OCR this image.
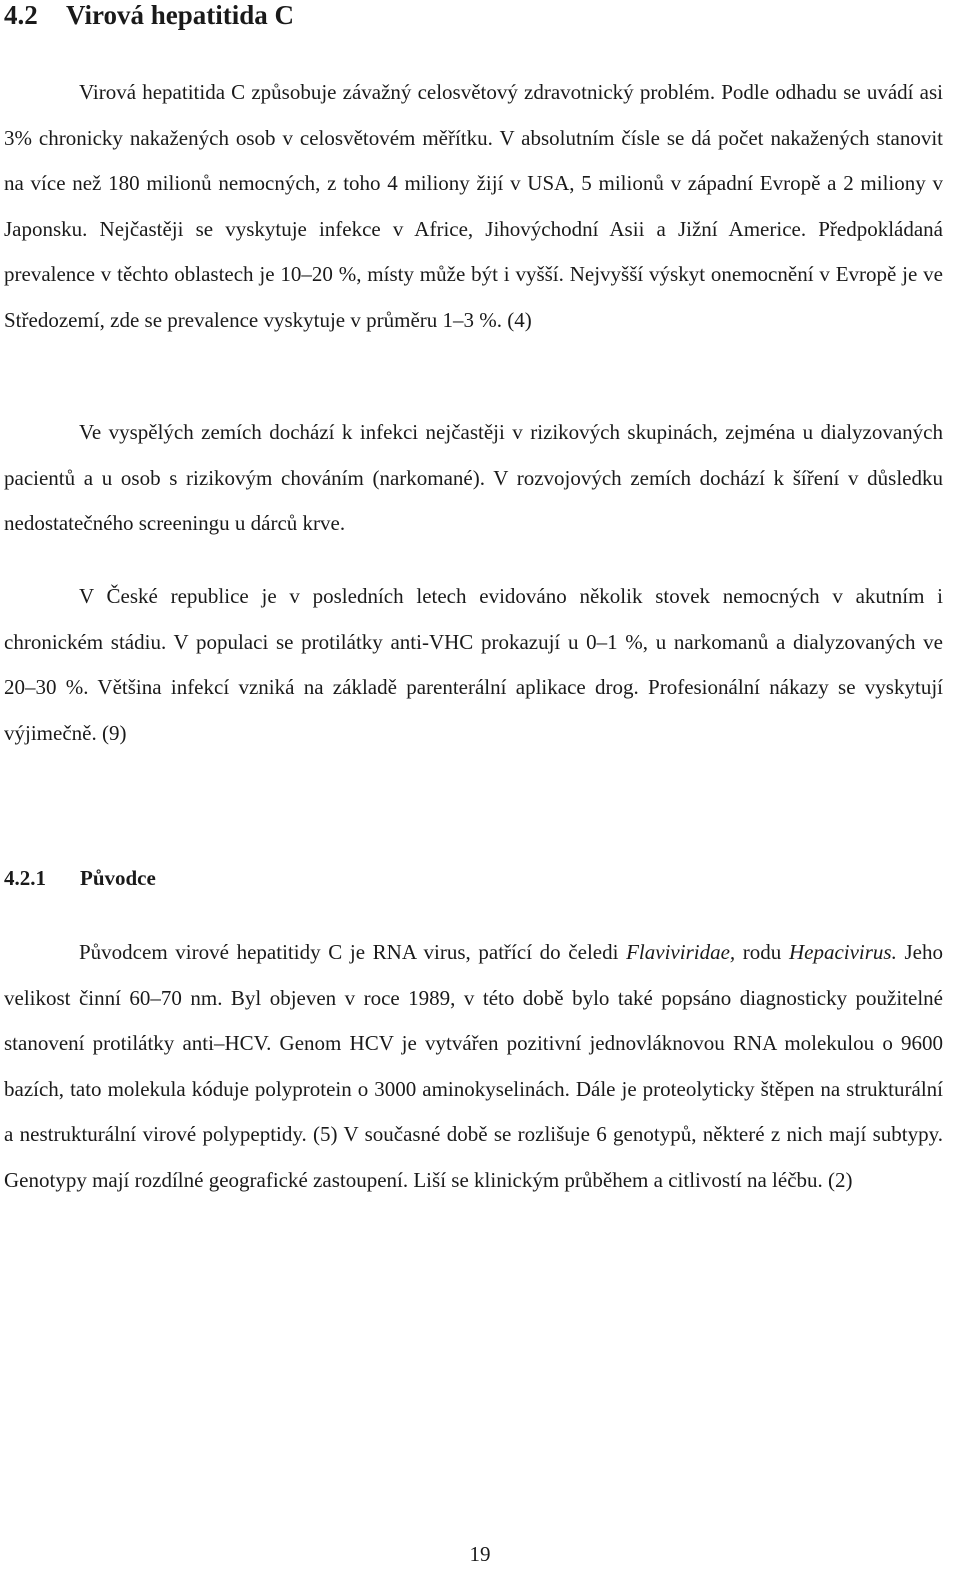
4.2 Virová hepatitida C

Virová hepatitida C způsobuje závažný celosvětový zdravotnický problém. Podle odhadu se uvádí asi 3% chronicky nakažených osob v celosvětovém měřítku. V absolutním čísle se dá počet nakažených stanovit na více než 180 milionů nemocných, z toho 4 miliony žijí v USA, 5 milionů v západní Evropě a 2 miliony v Japonsku. Nejčastěji se vyskytuje infekce v Africe, Jihovýchodní Asii a Jižní Americe. Předpokládaná prevalence v těchto oblastech je 10–20 %, místy může být i vyšší. Nejvyšší výskyt onemocnění v Evropě je ve Středozemí, zde se prevalence vyskytuje v průměru 1–3 %. (4)

Ve vyspělých zemích dochází k infekci nejčastěji v rizikových skupinách, zejména u dialyzovaných pacientů a u osob s rizikovým chováním (narkomané). V rozvojových zemích dochází k šíření v důsledku nedostatečného screeningu u dárců krve.

V České republice je v posledních letech evidováno několik stovek nemocných v akutním i chronickém stádiu. V populaci se protilátky anti-VHC prokazují u 0–1 %, u narkomanů a dialyzovaných ve 20–30 %. Většina infekcí vzniká na základě parenterální aplikace drog. Profesionální nákazy se vyskytují výjimečně. (9)

4.2.1 Původce

Původcem virové hepatitidy C je RNA virus, patřící do čeledi Flaviviridae, rodu Hepacivirus. Jeho velikost činní 60–70 nm. Byl objeven v roce 1989, v této době bylo také popsáno diagnosticky použitelné stanovení protilátky anti–HCV. Genom HCV je vytvářen pozitivní jednovláknovou RNA molekulou o 9600 bazích, tato molekula kóduje polyprotein o 3000 aminokyselinách. Dále je proteolyticky štěpen na strukturální a nestrukturální virové polypeptidy. (5) V současné době se rozlišuje 6 genotypů, některé z nich mají subtypy. Genotypy mají rozdílné geografické zastoupení. Liší se klinickým průběhem a citlivostí na léčbu. (2)

19
